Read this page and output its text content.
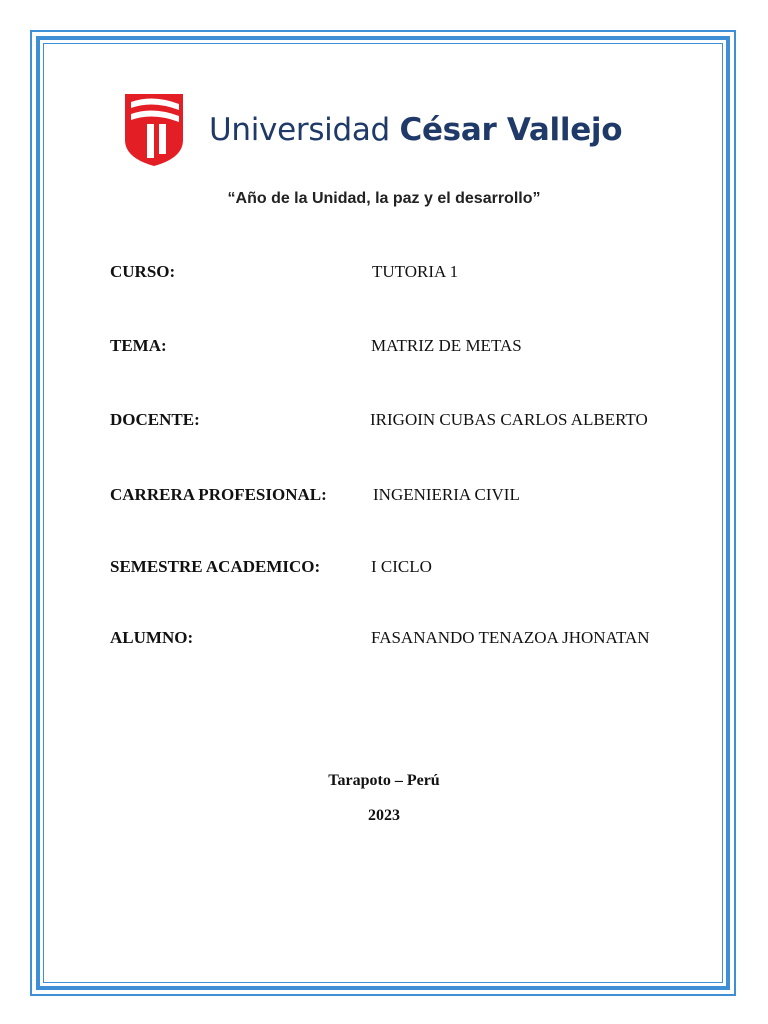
Universidad César Vallejo
“Año de la Unidad, la paz y el desarrollo”
CURSO:	TUTORIA 1
TEMA:	MATRIZ DE METAS
DOCENTE:	IRIGOIN CUBAS CARLOS ALBERTO
CARRERA PROFESIONAL:	INGENIERIA CIVIL
SEMESTRE ACADEMICO:	I CICLO
ALUMNO:	FASANANDO TENAZOA JHONATAN
Tarapoto – Perú
2023
